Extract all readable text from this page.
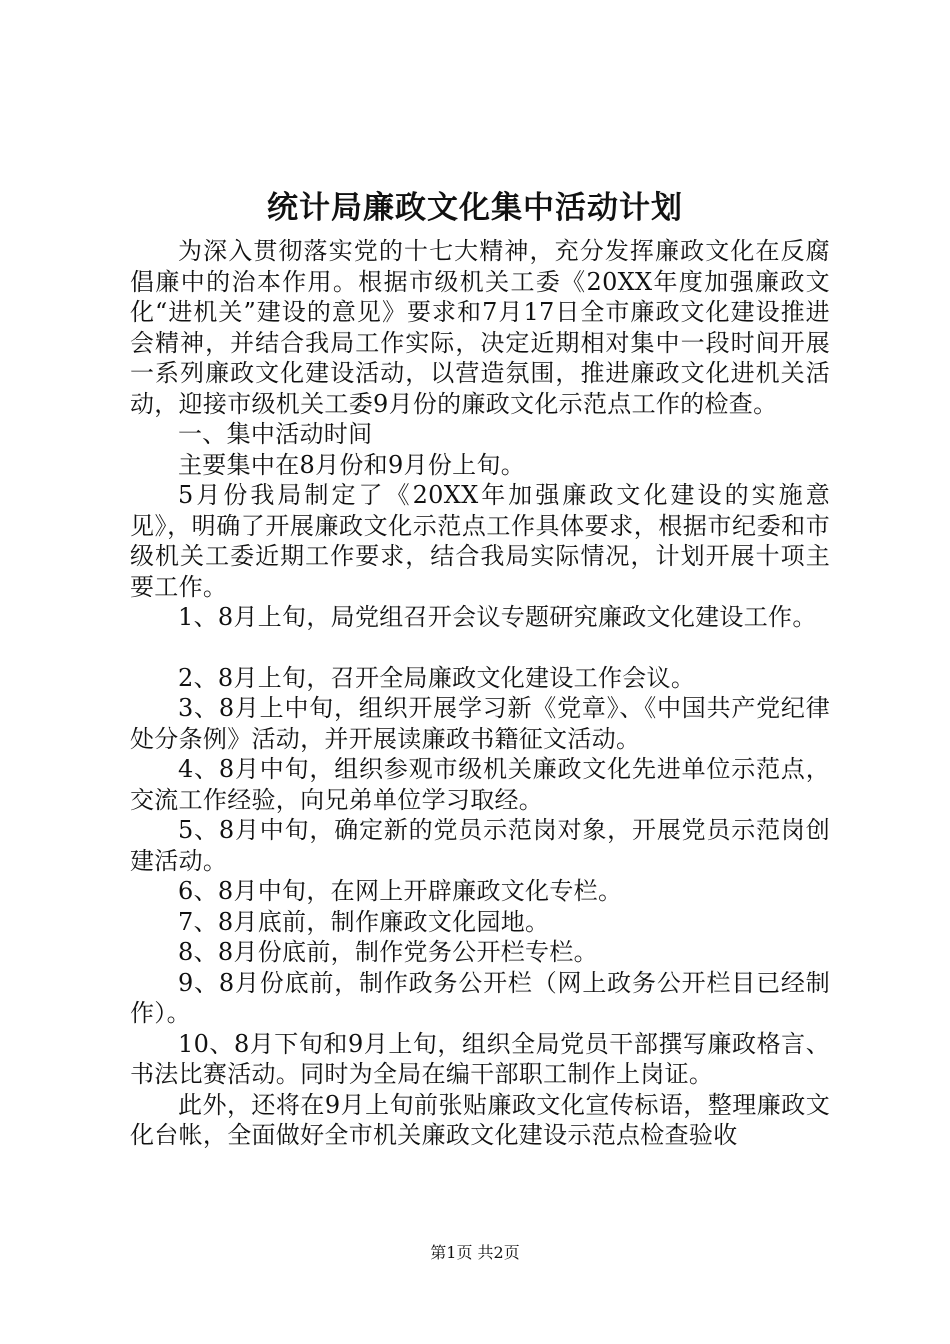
统计局廉政文化集中活动计划

为深入贯彻落实党的十七大精神，充分发挥廉政文化在反腐倡廉中的治本作用。根据市级机关工委《20XX年度加强廉政文化“进机关”建设的意见》要求和7月17日全市廉政文化建设推进会精神，并结合我局工作实际，决定近期相对集中一段时间开展一系列廉政文化建设活动，以营造氛围，推进廉政文化进机关活动，迎接市级机关工委9月份的廉政文化示范点工作的检查。

一、集中活动时间

主要集中在8月份和9月份上旬。

5月份我局制定了《20XX年加强廉政文化建设的实施意见》，明确了开展廉政文化示范点工作具体要求，根据市纪委和市级机关工委近期工作要求，结合我局实际情况，计划开展十项主要工作。

1、8月上旬，局党组召开会议专题研究廉政文化建设工作。

2、8月上旬，召开全局廉政文化建设工作会议。

3、8月上中旬，组织开展学习新《党章》、《中国共产党纪律处分条例》活动，并开展读廉政书籍征文活动。

4、8月中旬，组织参观市级机关廉政文化先进单位示范点，交流工作经验，向兄弟单位学习取经。

5、8月中旬，确定新的党员示范岗对象，开展党员示范岗创建活动。

6、8月中旬，在网上开辟廉政文化专栏。

7、8月底前，制作廉政文化园地。

8、8月份底前，制作党务公开栏专栏。

9、8月份底前，制作政务公开栏（网上政务公开栏目已经制作）。

10、8月下旬和9月上旬，组织全局党员干部撰写廉政格言、书法比赛活动。同时为全局在编干部职工制作上岗证。

此外，还将在9月上旬前张贴廉政文化宣传标语，整理廉政文化台帐，全面做好全市机关廉政文化建设示范点检查验收

第1页 共2页
